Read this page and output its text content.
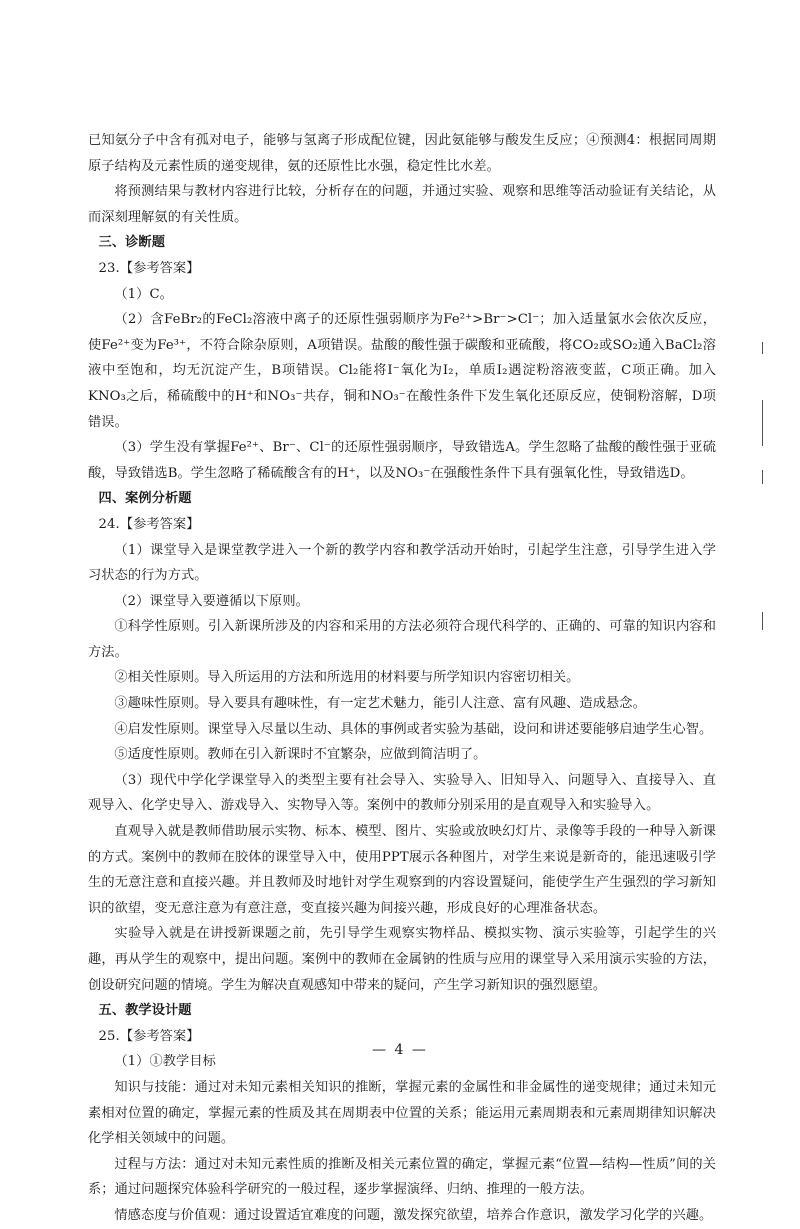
已知氨分子中含有孤对电子，能够与氢离子形成配位键，因此氨能够与酸发生反应；④预测4：根据同周期原子结构及元素性质的递变规律，氨的还原性比水强，稳定性比水差。

将预测结果与教材内容进行比较，分析存在的问题，并通过实验、观察和思维等活动验证有关结论，从而深刻理解氨的有关性质。

三、诊断题

23.【参考答案】

（1）C。

（2）含FeBr₂的FeCl₂溶液中离子的还原性强弱顺序为Fe²⁺>Br⁻>Cl⁻；加入适量氯水会依次反应，使Fe²⁺变为Fe³⁺，不符合除杂原则，A项错误。盐酸的酸性强于碳酸和亚硫酸，将CO₂或SO₂通入BaCl₂溶液中至饱和，均无沉淀产生，B项错误。Cl₂能将I⁻氧化为I₂，单质I₂遇淀粉溶液变蓝，C项正确。加入KNO₃之后，稀硫酸中的H⁺和NO₃⁻共存，铜和NO₃⁻在酸性条件下发生氧化还原反应，使铜粉溶解，D项错误。

（3）学生没有掌握Fe²⁺、Br⁻、Cl⁻的还原性强弱顺序，导致错选A。学生忽略了盐酸的酸性强于亚硫酸，导致错选B。学生忽略了稀硫酸含有的H⁺，以及NO₃⁻在强酸性条件下具有强氧化性，导致错选D。

四、案例分析题

24.【参考答案】

（1）课堂导入是课堂教学进入一个新的教学内容和教学活动开始时，引起学生注意，引导学生进入学习状态的行为方式。

（2）课堂导入要遵循以下原则。

①科学性原则。引入新课所涉及的内容和采用的方法必须符合现代科学的、正确的、可靠的知识内容和方法。

②相关性原则。导入所运用的方法和所选用的材料要与所学知识内容密切相关。

③趣味性原则。导入要具有趣味性，有一定艺术魅力，能引人注意、富有风趣、造成悬念。

④启发性原则。课堂导入尽量以生动、具体的事例或者实验为基础，设问和讲述要能够启迪学生心智。

⑤适度性原则。教师在引入新课时不宜繁杂，应做到简洁明了。

（3）现代中学化学课堂导入的类型主要有社会导入、实验导入、旧知导入、问题导入、直接导入、直观导入、化学史导入、游戏导入、实物导入等。案例中的教师分别采用的是直观导入和实验导入。

直观导入就是教师借助展示实物、标本、模型、图片、实验或放映幻灯片、录像等手段的一种导入新课的方式。案例中的教师在胶体的课堂导入中，使用PPT展示各种图片，对学生来说是新奇的，能迅速吸引学生的无意注意和直接兴趣。并且教师及时地针对学生观察到的内容设置疑问，能使学生产生强烈的学习新知识的欲望，变无意注意为有意注意，变直接兴趣为间接兴趣，形成良好的心理准备状态。

实验导入就是在讲授新课题之前，先引导学生观察实物样品、模拟实物、演示实验等，引起学生的兴趣，再从学生的观察中，提出问题。案例中的教师在金属钠的性质与应用的课堂导入采用演示实验的方法，创设研究问题的情境。学生为解决直观感知中带来的疑问，产生学习新知识的强烈愿望。

五、教学设计题

25.【参考答案】

（1）①教学目标

知识与技能：通过对未知元素相关知识的推断，掌握元素的金属性和非金属性的递变规律；通过未知元素相对位置的确定，掌握元素的性质及其在周期表中位置的关系；能运用元素周期表和元素周期律知识解决化学相关领域中的问题。

过程与方法：通过对未知元素性质的推断及相关元素位置的确定，掌握元素“位置—结构—性质”间的关系；通过问题探究体验科学研究的一般过程，逐步掌握演绎、归纳、推理的一般方法。

情感态度与价值观：通过设置适宜难度的问题，激发探究欲望，培养合作意识，激发学习化学的兴趣。

— 4 —
